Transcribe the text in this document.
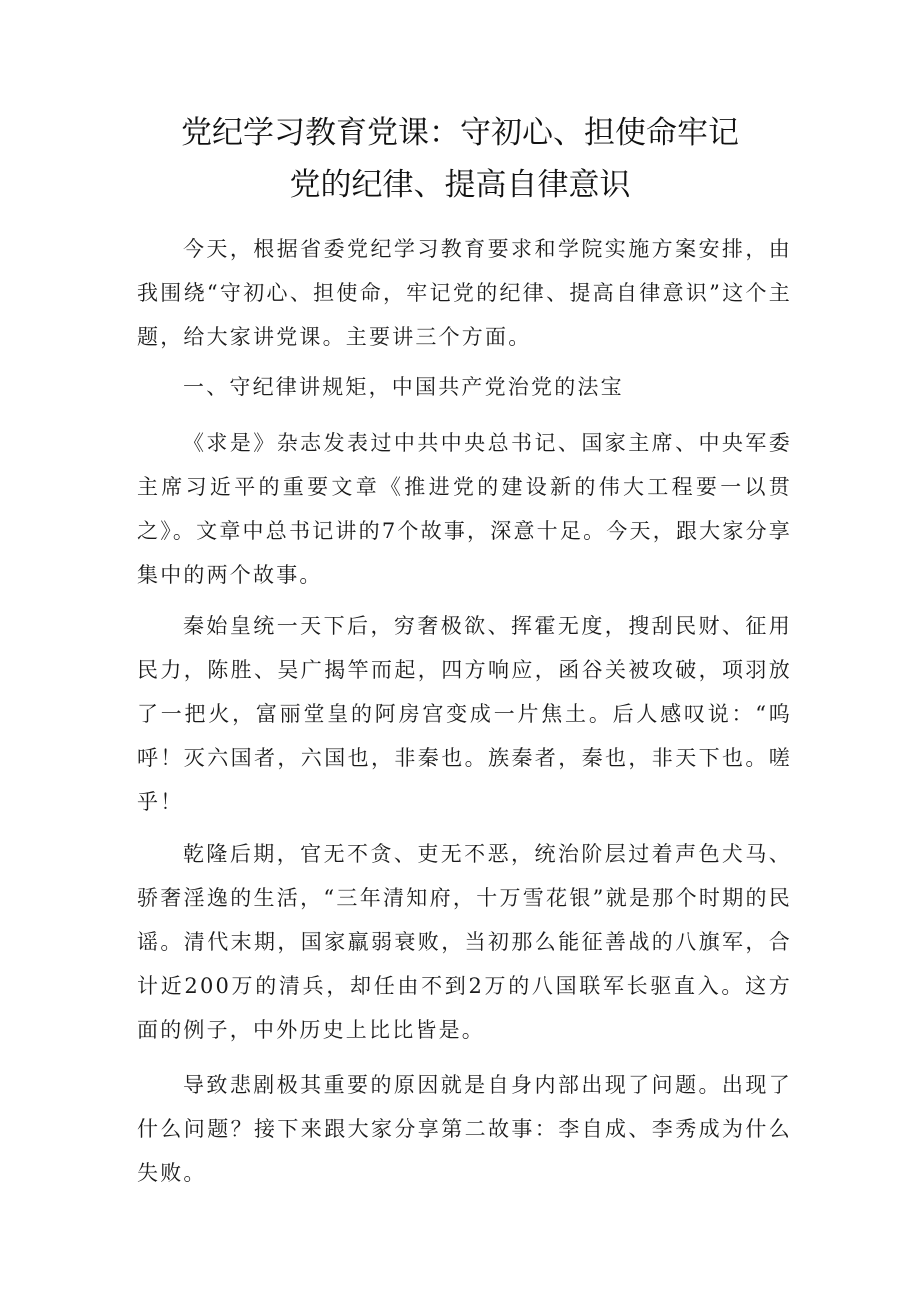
党纪学习教育党课：守初心、担使命牢记
党的纪律、提高自律意识

今天，根据省委党纪学习教育要求和学院实施方案安排，由我围绕“守初心、担使命，牢记党的纪律、提高自律意识”这个主题，给大家讲党课。主要讲三个方面。

一、守纪律讲规矩，中国共产党治党的法宝

《求是》杂志发表过中共中央总书记、国家主席、中央军委主席习近平的重要文章《推进党的建设新的伟大工程要一以贯之》。文章中总书记讲的7个故事，深意十足。今天，跟大家分享集中的两个故事。

秦始皇统一天下后，穷奢极欲、挥霍无度，搜刮民财、征用民力，陈胜、吴广揭竿而起，四方响应，函谷关被攻破，项羽放了一把火，富丽堂皇的阿房宫变成一片焦土。后人感叹说：“呜呼！灭六国者，六国也，非秦也。族秦者，秦也，非天下也。嗟乎！

乾隆后期，官无不贪、吏无不恶，统治阶层过着声色犬马、骄奢淫逸的生活，“三年清知府，十万雪花银”就是那个时期的民谣。清代末期，国家羸弱衰败，当初那么能征善战的八旗军，合计近200万的清兵，却任由不到2万的八国联军长驱直入。这方面的例子，中外历史上比比皆是。

导致悲剧极其重要的原因就是自身内部出现了问题。出现了什么问题？接下来跟大家分享第二故事：李自成、李秀成为什么失败。
